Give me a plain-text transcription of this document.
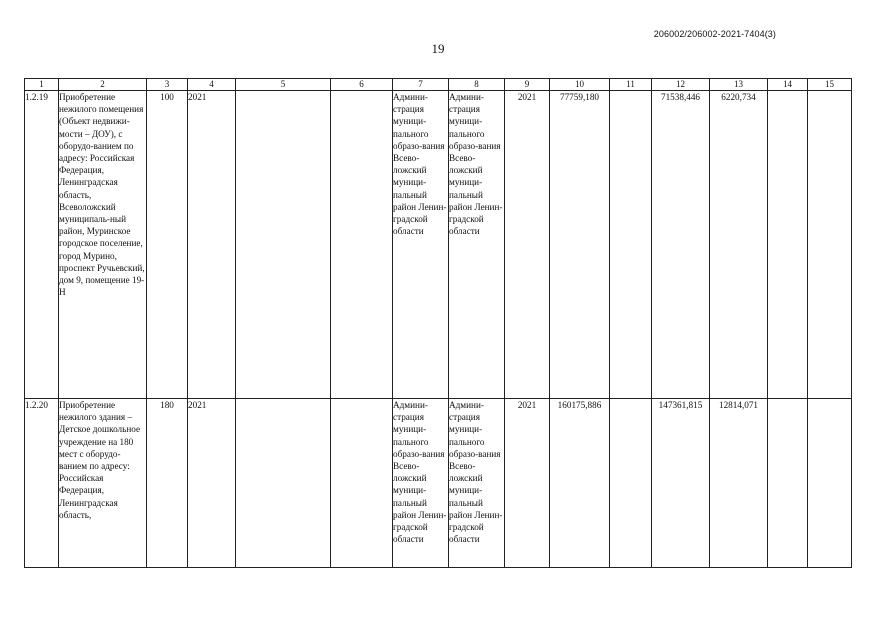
206002/206002-2021-7404(3)
19
1	2	3	4	5	6	7	8	9	10	11	12	13	14	15
1.2.19	Приобретение нежилого помещения (Объект недвижи-мости – ДОУ), с оборудо-ванием по адресу: Российская Федерация, Ленинградская область, Всеволожский муниципаль-ный район, Муринское городское поселение, город Мурино, проспект Ручьевский, дом 9, помещение 19-Н	100	2021			Админи-страция муници-пального образо-вания Всево-ложский муници-пальный район Ленин-градской области	Админи-страция муници-пального образо-вания Всево-ложский муници-пальный район Ленин-градской области	2021	77759,180		71538,446	6220,734		
1.2.20	Приобретение нежилого здания – Детское дошкольное учреждение на 180 мест с оборудо-ванием по адресу: Российская Федерация, Ленинградская область,	180	2021			Админи-страция муници-пального образо-вания Всево-ложский муници-пальный район Ленин-градской области	Админи-страция муници-пального образо-вания Всево-ложский муници-пальный район Ленин-градской области	2021	160175,886		147361,815	12814,071		
